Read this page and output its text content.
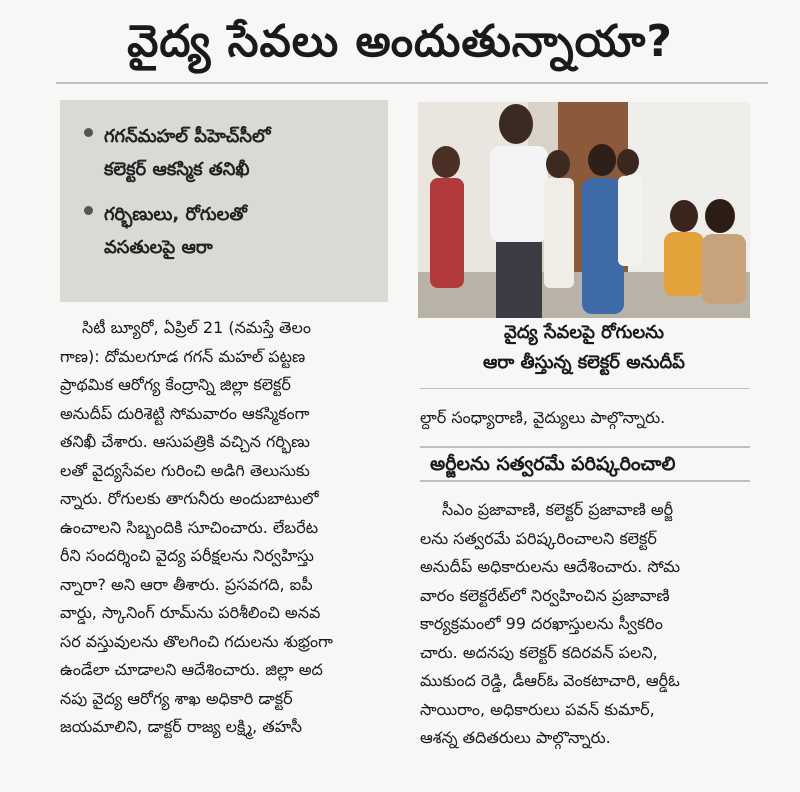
వైద్య సేవలు అందుతున్నాయా?
గగన్‌మహల్ పీహెచ్‌సీలో
కలెక్టర్ ఆకస్మిక తనిఖీ
గర్భిణులు, రోగులతో
వసతులపై ఆరా
సిటీ బ్యూరో, ఏప్రిల్ 21 (నమస్తే తెలం
గాణ): దోమలగూడ గగన్ మహల్ పట్టణ
ప్రాథమిక ఆరోగ్య కేంద్రాన్ని జిల్లా కలెక్టర్
అనుదీప్ దురిశెట్టి సోమవారం ఆకస్మికంగా
తనిఖీ చేశారు. ఆసుపత్రికి వచ్చిన గర్భిణు
లతో వైద్యసేవల గురించి అడిగి తెలుసుకు
న్నారు. రోగులకు తాగునీరు అందుబాటులో
ఉంచాలని సిబ్బందికి సూచించారు. లేబరేట
రీని సందర్శించి వైద్య పరీక్షలను నిర్వహిస్తు
న్నారా? అని ఆరా తీశారు. ప్రసవగది, ఐపీ
వార్డు, స్కానింగ్ రూమ్‌ను పరిశీలించి అనవ
సర వస్తువులను తొలగించి గదులను శుభ్రంగా
ఉండేలా చూడాలని ఆదేశించారు. జిల్లా అద
నపు వైద్య ఆరోగ్య శాఖ అధికారి డాక్టర్
జయమాలిని, డాక్టర్ రాజ్య లక్ష్మి, తహసీ
వైద్య సేవలపై రోగులను
ఆరా తీస్తున్న కలెక్టర్ అనుదీప్
ల్దార్ సంధ్యారాణి, వైద్యులు పాల్గొన్నారు.
అర్జీలను సత్వరమే పరిష్కరించాలి
సీఎం ప్రజావాణి, కలెక్టర్ ప్రజావాణి అర్జీ
లను సత్వరమే పరిష్కరించాలని కలెక్టర్
అనుదీప్ అధికారులను ఆదేశించారు. సోమ
వారం కలెక్టరేట్‌లో నిర్వహించిన ప్రజావాణి
కార్యక్రమంలో 99 దరఖాస్తులను స్వీకరిం
చారు. అదనపు కలెక్టర్ కదిరవన్ పలని,
ముకుంద రెడ్డి, డీఆర్‌ఓ వెంకటాచారి, ఆర్డీఓ
సాయిరాం, అధికారులు పవన్ కుమార్,
ఆశన్న తదితరులు పాల్గొన్నారు.
